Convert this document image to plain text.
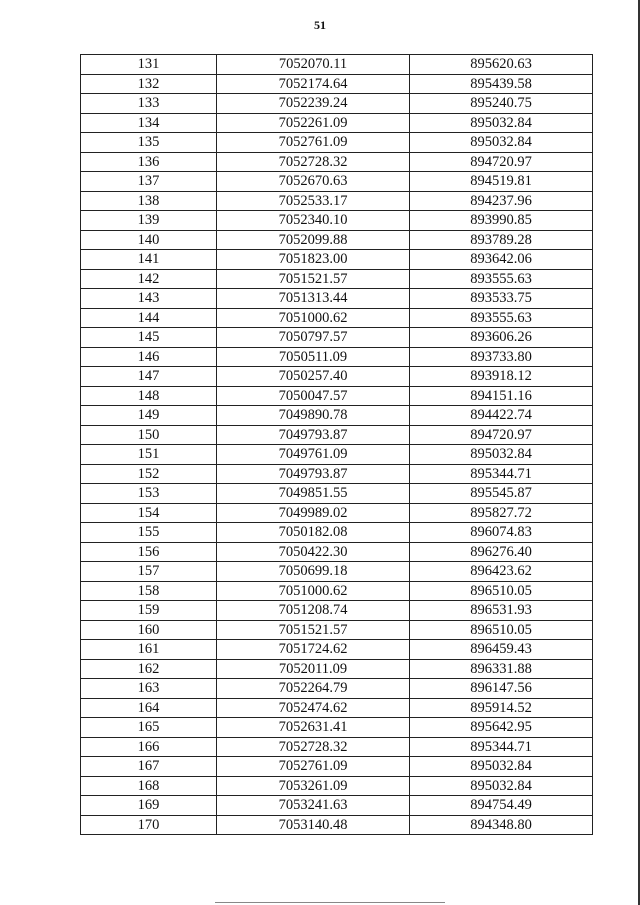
51
131	7052070.11	895620.63
132	7052174.64	895439.58
133	7052239.24	895240.75
134	7052261.09	895032.84
135	7052761.09	895032.84
136	7052728.32	894720.97
137	7052670.63	894519.81
138	7052533.17	894237.96
139	7052340.10	893990.85
140	7052099.88	893789.28
141	7051823.00	893642.06
142	7051521.57	893555.63
143	7051313.44	893533.75
144	7051000.62	893555.63
145	7050797.57	893606.26
146	7050511.09	893733.80
147	7050257.40	893918.12
148	7050047.57	894151.16
149	7049890.78	894422.74
150	7049793.87	894720.97
151	7049761.09	895032.84
152	7049793.87	895344.71
153	7049851.55	895545.87
154	7049989.02	895827.72
155	7050182.08	896074.83
156	7050422.30	896276.40
157	7050699.18	896423.62
158	7051000.62	896510.05
159	7051208.74	896531.93
160	7051521.57	896510.05
161	7051724.62	896459.43
162	7052011.09	896331.88
163	7052264.79	896147.56
164	7052474.62	895914.52
165	7052631.41	895642.95
166	7052728.32	895344.71
167	7052761.09	895032.84
168	7053261.09	895032.84
169	7053241.63	894754.49
170	7053140.48	894348.80
